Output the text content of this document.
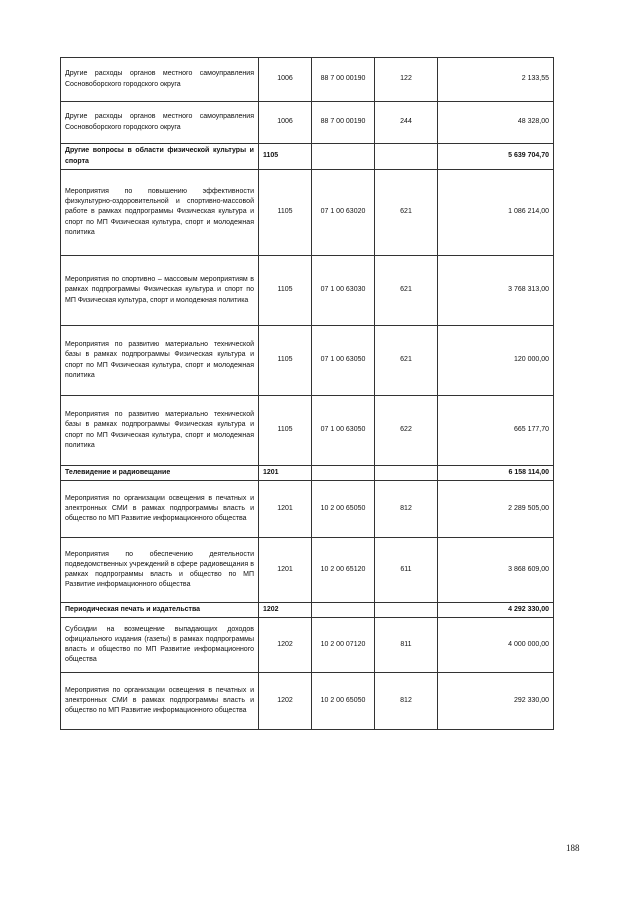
Другие расходы органов местного самоуправления Сосновоборского городского округа	1006	88 7 00 00190	122	2 133,55
Другие расходы органов местного самоуправления Сосновоборского городского округа	1006	88 7 00 00190	244	48 328,00
Другие вопросы в области физической культуры и спорта	1105			5 639 704,70
Мероприятия по повышению эффективности физкультурно-оздоровительной и спортивно-массовой работе в рамках подпрограммы Физическая культура и спорт по МП Физическая культура, спорт и молодежная политика	1105	07 1 00 63020	621	1 086 214,00
Мероприятия по спортивно – массовым мероприятиям в рамках подпрограммы Физическая культура и спорт по МП Физическая культура, спорт и молодежная политика	1105	07 1 00 63030	621	3 768 313,00
Мероприятия по развитию материально технической базы в рамках подпрограммы Физическая культура и спорт по МП Физическая культура, спорт и молодежная политика	1105	07 1 00 63050	621	120 000,00
Мероприятия по развитию материально технической базы в рамках подпрограммы Физическая культура и спорт по МП Физическая культура, спорт и молодежная политика	1105	07 1 00 63050	622	665 177,70
Телевидение и радиовещание	1201			6 158 114,00
Мероприятия по организации освещения в печатных и электронных СМИ в рамках подпрограммы власть и общество по МП Развитие информационного общества	1201	10 2 00 65050	812	2 289 505,00
Мероприятия по обеспечению деятельности подведомственных учреждений в сфере радиовещания в рамках подпрограммы власть и общество по МП Развитие информационного общества	1201	10 2 00 65120	611	3 868 609,00
Периодическая печать и издательства	1202			4 292 330,00
Субсидии на возмещение выпадающих доходов официального издания (газеты) в рамках подпрограммы власть и общество по МП Развитие информационного общества	1202	10 2 00 07120	811	4 000 000,00
Мероприятия по организации освещения в печатных и электронных СМИ в рамках подпрограммы власть и общество по МП Развитие информационного общества	1202	10 2 00 65050	812	292 330,00
188
